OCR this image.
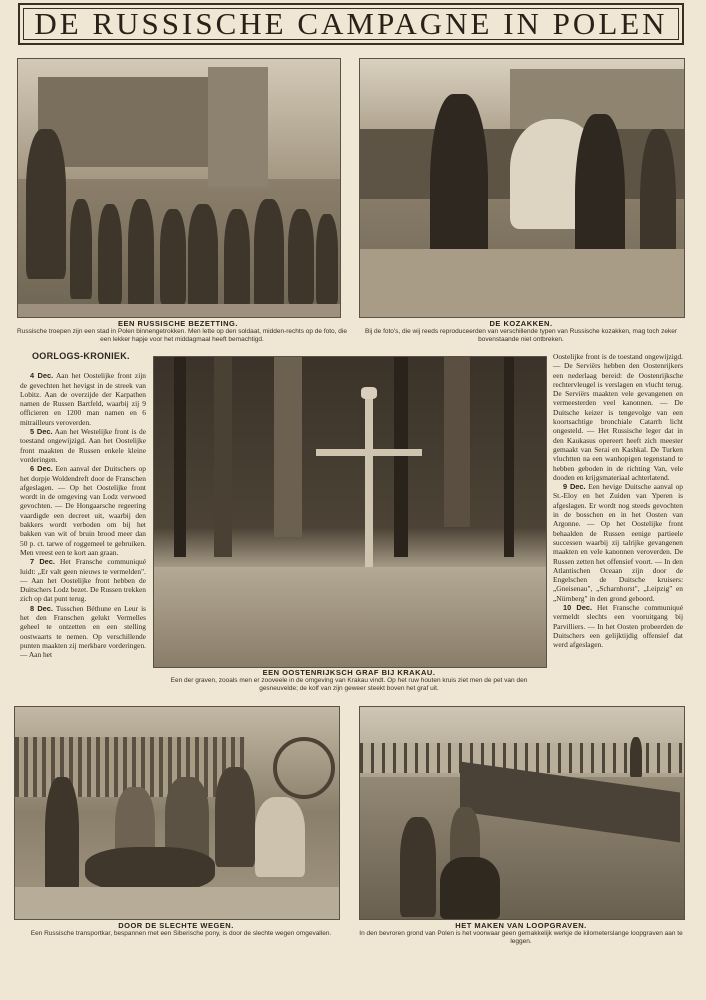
DE RUSSISCHE CAMPAGNE IN POLEN
EEN RUSSISCHE BEZETTING.
Russische troepen zijn een stad in Polen binnengetrokken. Men lette op den soldaat, midden-rechts op de foto, die een lekker hapje voor het middagmaal heeft bemachtigd.
DE KOZAKKEN.
Bij de foto's, die wij reeds reproduceerden van verschillende typen van Russische kozakken, mag toch zeker bovenstaande niet ontbreken.
OORLOGS-KRONIEK.

4 Dec. Aan het Oostelijke front zijn de gevechten het hevigst in de streek van Lobitz. Aan de overzijde der Karpathen namen de Russen Bartfeld, waarbij zij 9 officieren en 1200 man namen en 6 mitrailleurs veroverden.

5 Dec. Aan het Westelijke front is de toestand ongewijzigd. Aan het Oostelijke front maakten de Russen enkele kleine vorderingen.

6 Dec. Een aanval der Duitschers op het dorpje Woldendreft door de Franschen afgeslagen. — Op het Oostelijke front wordt in de omgeving van Lodz verwoed gevochten. — De Hongaarsche regeering vaardigde een decreet uit, waarbij den bakkers wordt verboden om bij het bakken van wit of bruin brood meer dan 50 p. ct. tarwe of roggemeel te gebruiken. Men vreest een te kort aan graan.

7 Dec. Het Fransche communiqué luidt: „Er valt geen nieuws te vermelden". — Aan het Oostelijke front hebben de Duitschers Lodz bezet. De Russen trekken zich op dat punt terug.

8 Dec. Tusschen Béthune en Leur is het den Franschen gelukt Vermelles geheel te ontzetten en een stelling oostwaarts te nemen. Op verschillende punten maakten zij merkbare vorderingen. — Aan het

EEN OOSTENRIJKSCH GRAF BIJ KRAKAU.
Een der graven, zooals men er zooveele in de omgeving van Krakau vindt. Op het ruw houten kruis ziet men de pet van den gesneuvelde; de kolf van zijn geweer steekt boven het graf uit.

Oostelijke front is de toestand ongewijzigd. — De Serviërs hebben den Oostenrijkers een nederlaag bereid: de Oostenrijksche rechtervleugel is verslagen en vlucht terug. De Serviërs maakten vele gevangenen en vermeesterden veel kanonnen. — De Duitsche keizer is tengevolge van een koortsachtige bronchiale Catarrh licht ongesteld. — Het Russische leger dat in den Kaukasus opereert heeft zich meester gemaakt van Serai en Kashkal. De Turken vluchtten na een wanhopigen tegenstand te hebben geboden in de richting Van, vele dooden en krijgsmateriaal achterlatend.

9 Dec. Een hevige Duitsche aanval op St.-Eloy en het Zuiden van Yperen is afgeslagen. Er wordt nog steeds gevochten in de bosschen en in het Oosten van Argonne. — Op het Oostelijke front behaalden de Russen eenige partieele successen waarbij zij talrijke gevangenen maakten en vele kanonnen veroverden. De Russen zetten het offensief voort. — In den Atlantischen Oceaan zijn door de Engelschen de Duitsche kruisers: „Gneisenau", „Scharnhorst", „Leipzig" en „Nürnberg" in den grond geboord.

10 Dec. Het Fransche communiqué vermeldt slechts een vooruitgang bij Parvilliers. — In het Oosten probeerden de Duitschers een gelijktijdig offensief dat werd afgeslagen.

DOOR DE SLECHTE WEGEN.
Een Russische transportkar, bespannen met een Siberische pony, is door de slechte wegen omgevallen.
HET MAKEN VAN LOOPGRAVEN.
In den bevroren grond van Polen is het voorwaar geen gemakkelijk werkje de kilometerslange loopgraven aan te leggen.
